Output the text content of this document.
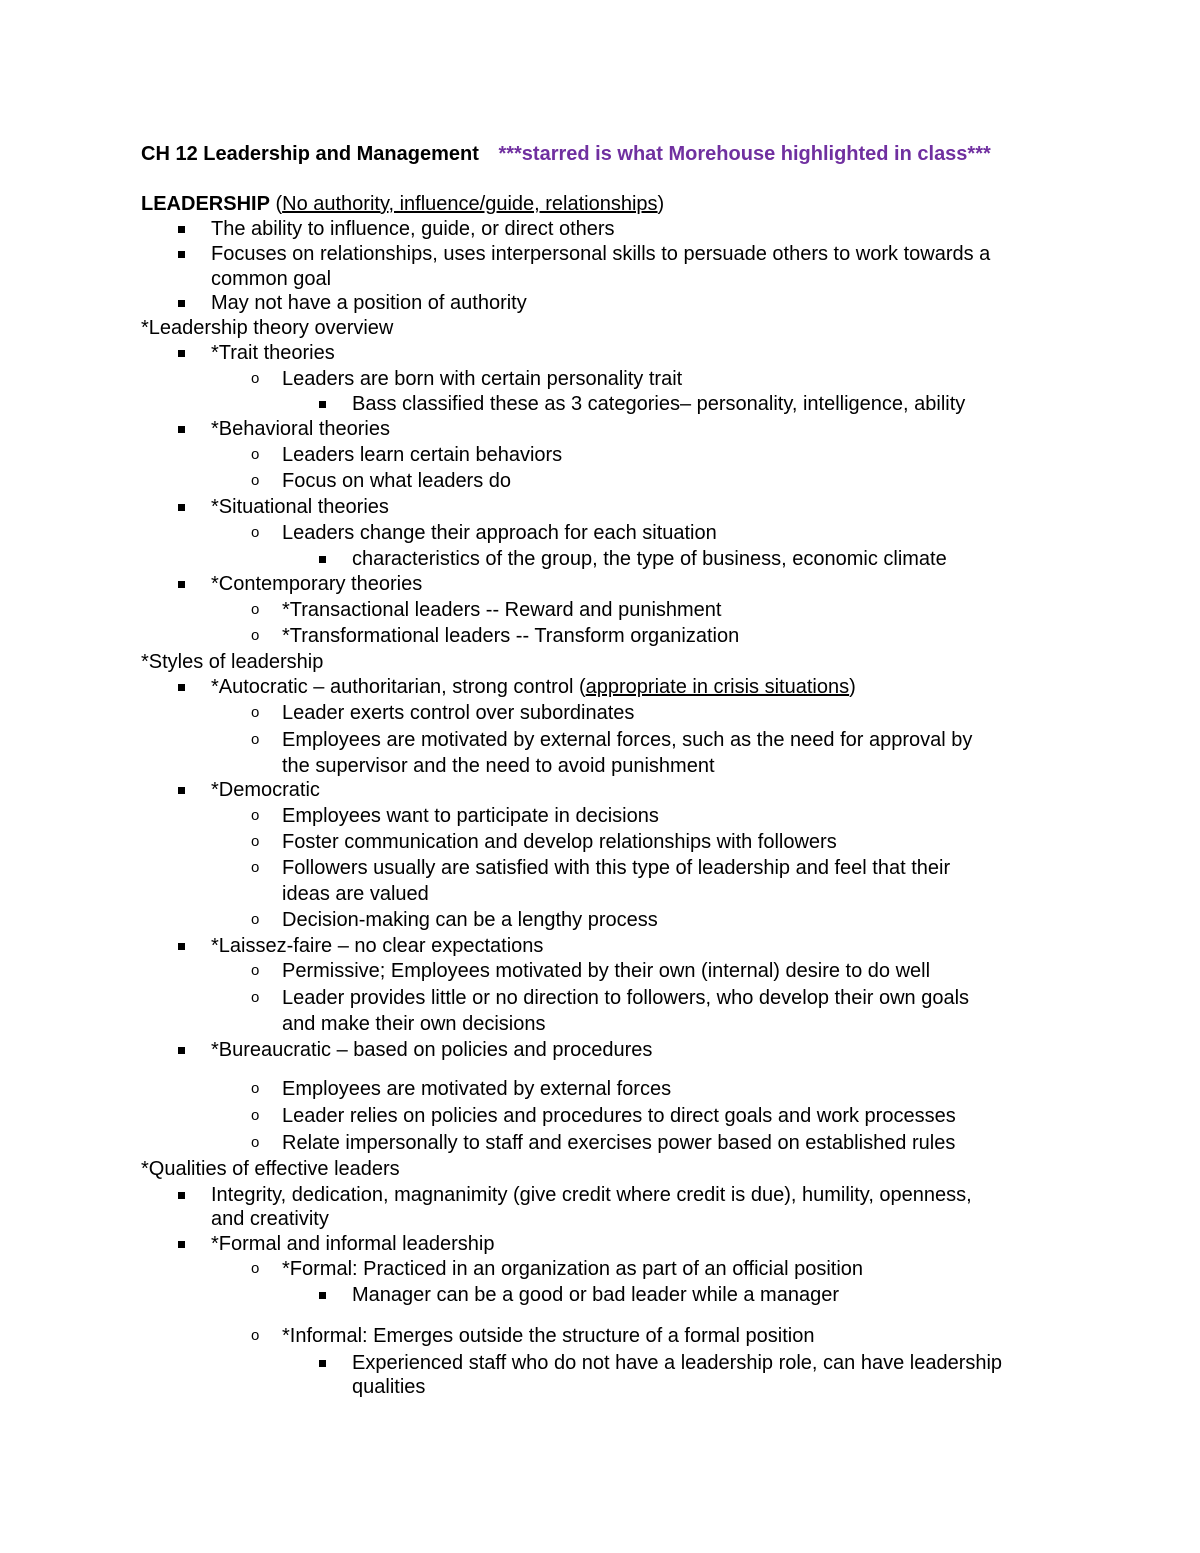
CH 12 Leadership and Management ***starred is what Morehouse highlighted in class***
LEADERSHIP (No authority, influence/guide, relationships)
The ability to influence, guide, or direct others
Focuses on relationships, uses interpersonal skills to persuade others to work towards a
common goal
May not have a position of authority
*Leadership theory overview
*Trait theories
o Leaders are born with certain personality trait
Bass classified these as 3 categories– personality, intelligence, ability
*Behavioral theories
o Leaders learn certain behaviors
o Focus on what leaders do
*Situational theories
o Leaders change their approach for each situation
characteristics of the group, the type of business, economic climate
*Contemporary theories
o *Transactional leaders -- Reward and punishment
o *Transformational leaders -- Transform organization
*Styles of leadership
*Autocratic – authoritarian, strong control (appropriate in crisis situations)
o Leader exerts control over subordinates
o Employees are motivated by external forces, such as the need for approval by
the supervisor and the need to avoid punishment
*Democratic
o Employees want to participate in decisions
o Foster communication and develop relationships with followers
o Followers usually are satisfied with this type of leadership and feel that their
ideas are valued
o Decision-making can be a lengthy process
*Laissez-faire – no clear expectations
o Permissive; Employees motivated by their own (internal) desire to do well
o Leader provides little or no direction to followers, who develop their own goals
and make their own decisions
*Bureaucratic – based on policies and procedures
o Employees are motivated by external forces
o Leader relies on policies and procedures to direct goals and work processes
o Relate impersonally to staff and exercises power based on established rules
*Qualities of effective leaders
Integrity, dedication, magnanimity (give credit where credit is due), humility, openness,
and creativity
*Formal and informal leadership
o *Formal: Practiced in an organization as part of an official position
Manager can be a good or bad leader while a manager
o *Informal: Emerges outside the structure of a formal position
Experienced staff who do not have a leadership role, can have leadership
qualities
